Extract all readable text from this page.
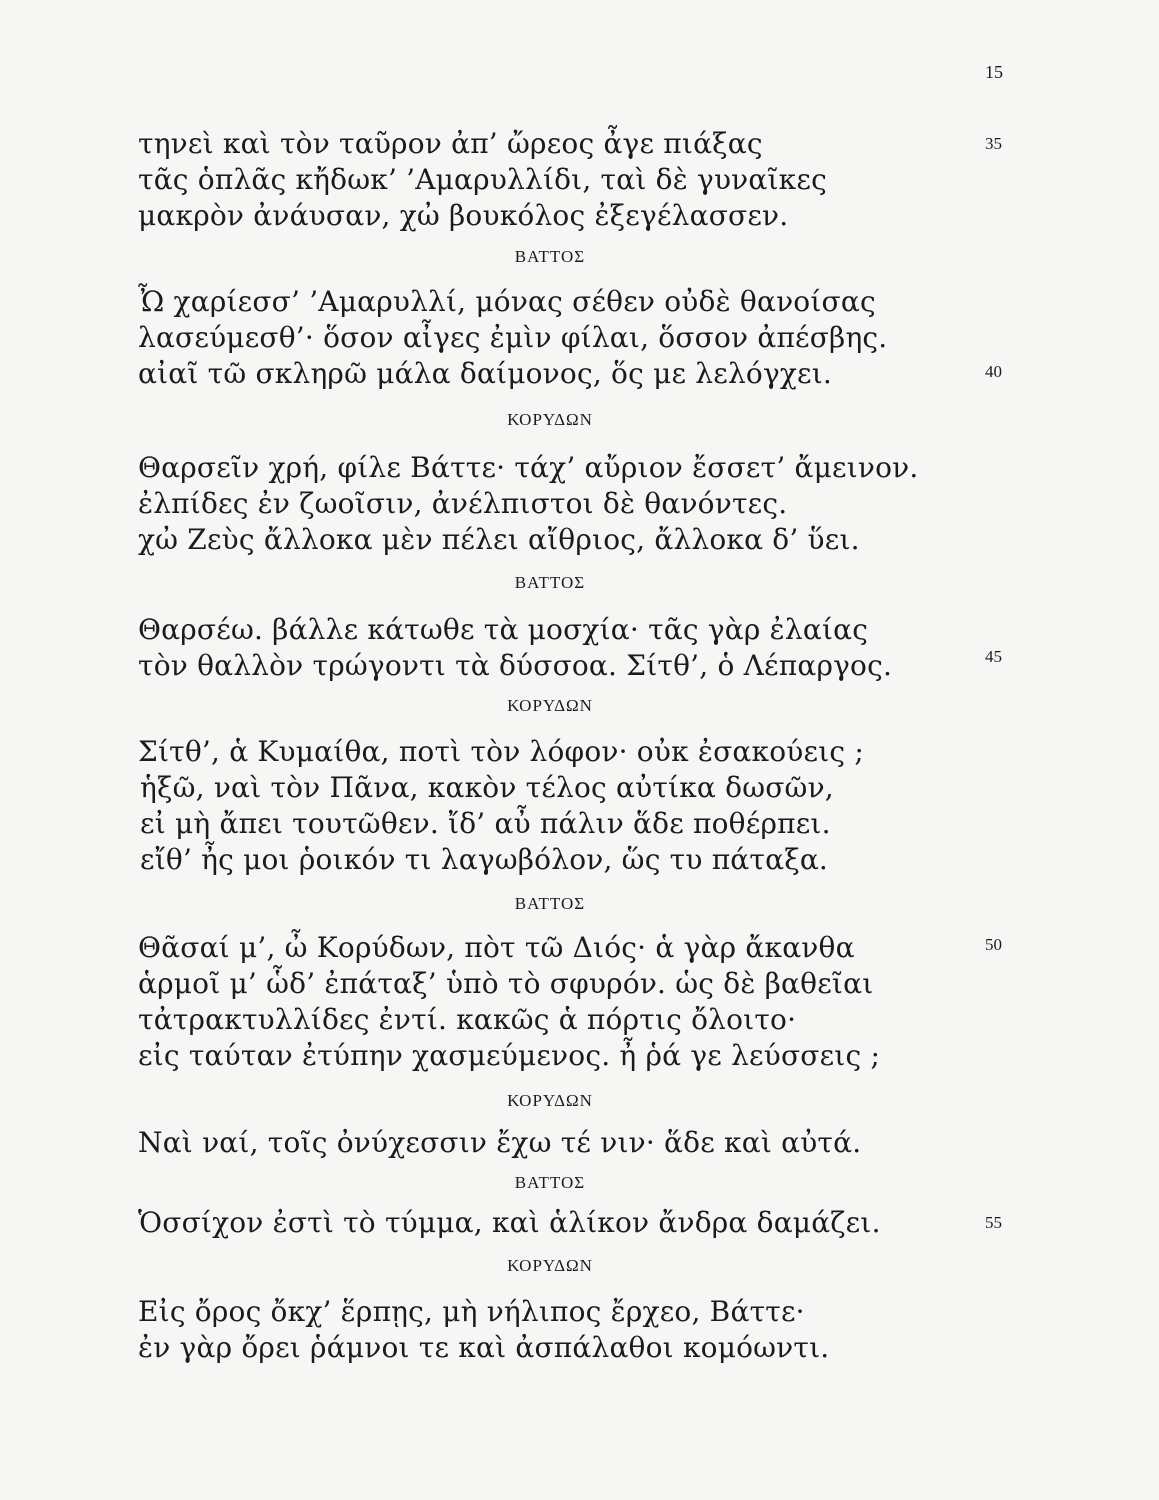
15
35
40
45
50
55
τηνεὶ καὶ τὸν ταῦρον ἀπ’ ὤρεος ἆγε πιάξας
τᾶς ὁπλᾶς κἤδωκ’ ’Αμαρυλλίδι, ταὶ δὲ γυναῖκες
μακρὸν ἀνάυσαν, χὠ βουκόλος ἐξεγέλασσεν.
ΒΑΤΤΟΣ
Ὦ χαρίεσσ’ ’Αμαρυλλί, μόνας σέθεν οὐδὲ θανοίσας
λασεύμεσθ’· ὅσον αἶγες ἐμὶν φίλαι, ὅσσον ἀπέσβης.
αἰαῖ τῶ σκληρῶ μάλα δαίμονος, ὅς με λελόγχει.
ΚΟΡΥΔΩΝ
Θαρσεῖν χρή, φίλε Βάττε· τάχ’ αὔριον ἔσσετ’ ἄμεινον.
ἐλπίδες ἐν ζωοῖσιν, ἀνέλπιστοι δὲ θανόντες.
χὠ Ζεὺς ἄλλοκα μὲν πέλει αἴθριος, ἄλλοκα δ’ ὕει.
ΒΑΤΤΟΣ
Θαρσέω. βάλλε κάτωθε τὰ μοσχία· τᾶς γὰρ ἐλαίας
τὸν θαλλὸν τρώγοντι τὰ δύσσοα. Σίτθ’, ὁ Λέπαργος.
ΚΟΡΥΔΩΝ
Σίτθ’, ἁ Κυμαίθα, ποτὶ τὸν λόφον· οὐκ ἐσακούεις ;
ἡξῶ, ναὶ τὸν Πᾶνα, κακὸν τέλος αὐτίκα δωσῶν,
εἰ μὴ ἄπει τουτῶθεν. ἴδ’ αὖ πάλιν ἅδε ποθέρπει.
εἴθ’ ἦς μοι ῥοικόν τι λαγωβόλον, ὥς τυ πάταξα.
ΒΑΤΤΟΣ
Θᾶσαί μ’, ὦ Κορύδων, πὸτ τῶ Διός· ἁ γὰρ ἄκανθα
ἁρμοῖ μ’ ὧδ’ ἐπάταξ’ ὑπὸ τὸ σφυρόν. ὡς δὲ βαθεῖαι
τἀτρακτυλλίδες ἐντί. κακῶς ἁ πόρτις ὄλοιτο·
εἰς ταύταν ἐτύπην χασμεύμενος. ἦ ῥά γε λεύσσεις ;
ΚΟΡΥΔΩΝ
Ναὶ ναί, τοῖς ὀνύχεσσιν ἔχω τέ νιν· ἅδε καὶ αὐτά.
ΒΑΤΤΟΣ
Ὁσσίχον ἐστὶ τὸ τύμμα, καὶ ἁλίκον ἄνδρα δαμάζει.
ΚΟΡΥΔΩΝ
Εἰς ὄρος ὄκχ’ ἕρπῃς, μὴ νήλιπος ἔρχεο, Βάττε·
ἐν γὰρ ὄρει ῥάμνοι τε καὶ ἀσπάλαθοι κομόωντι.
